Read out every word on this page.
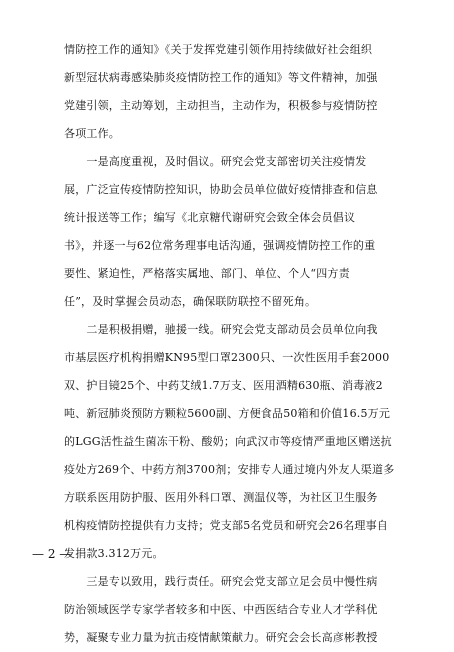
情防控工作的通知》《关于发挥党建引领作用持续做好社会组织
新型冠状病毒感染肺炎疫情防控工作的通知》等文件精神，加强
党建引领，主动筹划，主动担当，主动作为，积极参与疫情防控
各项工作。
　　一是高度重视，及时倡议。研究会党支部密切关注疫情发
展，广泛宣传疫情防控知识，协助会员单位做好疫情排查和信息
统计报送等工作；编写《北京糖代谢研究会致全体会员倡议
书》，并逐一与62位常务理事电话沟通，强调疫情防控工作的重
要性、紧迫性，严格落实属地、部门、单位、个人“四方责
任”，及时掌握会员动态，确保联防联控不留死角。
　　二是积极捐赠，驰援一线。研究会党支部动员会员单位向我
市基层医疗机构捐赠KN95型口罩2300只、一次性医用手套2000
双、护目镜25个、中药艾绒1.7万支、医用酒精630瓶、消毒液2
吨、新冠肺炎预防方颗粒5600副、方便食品50箱和价值16.5万元
的LGG活性益生菌冻干粉、酸奶；向武汉市等疫情严重地区赠送抗
疫处方269个、中药方剂3700剂；安排专人通过境内外友人渠道多
方联系医用防护服、医用外科口罩、测温仪等，为社区卫生服务
机构疫情防控提供有力支持；党支部5名党员和研究会26名理事自
发捐款3.312万元。
　　三是专以致用，践行责任。研究会党支部立足会员中慢性病
防治领域医学专家学者较多和中医、中西医结合专业人才学科优
势，凝聚专业力量为抗击疫情献策献力。研究会会长高彦彬教授
— 2 —
